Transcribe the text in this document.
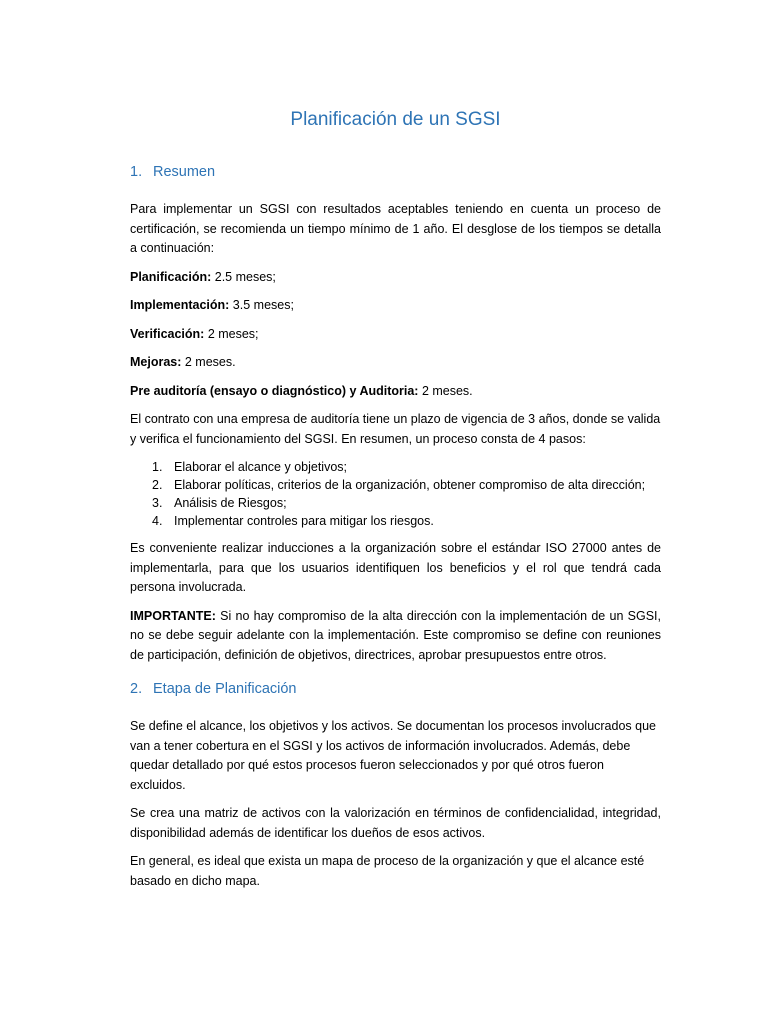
Planificación de un SGSI
1. Resumen

Para implementar un SGSI con resultados aceptables teniendo en cuenta un proceso de certificación, se recomienda un tiempo mínimo de 1 año. El desglose de los tiempos se detalla a continuación:

Planificación: 2.5 meses;

Implementación: 3.5 meses;

Verificación: 2 meses;

Mejoras: 2 meses.

Pre auditoría (ensayo o diagnóstico) y Auditoria: 2 meses.

El contrato con una empresa de auditoría tiene un plazo de vigencia de 3 años, donde se valida y verifica el funcionamiento del SGSI. En resumen, un proceso consta de 4 pasos:

1. Elaborar el alcance y objetivos;
2. Elaborar políticas, criterios de la organización, obtener compromiso de alta dirección;
3. Análisis de Riesgos;
4. Implementar controles para mitigar los riesgos.

Es conveniente realizar inducciones a la organización sobre el estándar ISO 27000 antes de implementarla, para que los usuarios identifiquen los beneficios y el rol que tendrá cada persona involucrada.

IMPORTANTE: Si no hay compromiso de la alta dirección con la implementación de un SGSI, no se debe seguir adelante con la implementación. Este compromiso se define con reuniones de participación, definición de objetivos, directrices, aprobar presupuestos entre otros.

2. Etapa de Planificación

Se define el alcance, los objetivos y los activos. Se documentan los procesos involucrados que van a tener cobertura en el SGSI y los activos de información involucrados. Además, debe quedar detallado por qué estos procesos fueron seleccionados y por qué otros fueron excluidos.

Se crea una matriz de activos con la valorización en términos de confidencialidad, integridad, disponibilidad además de identificar los dueños de esos activos.

En general, es ideal que exista un mapa de proceso de la organización y que el alcance esté basado en dicho mapa.
